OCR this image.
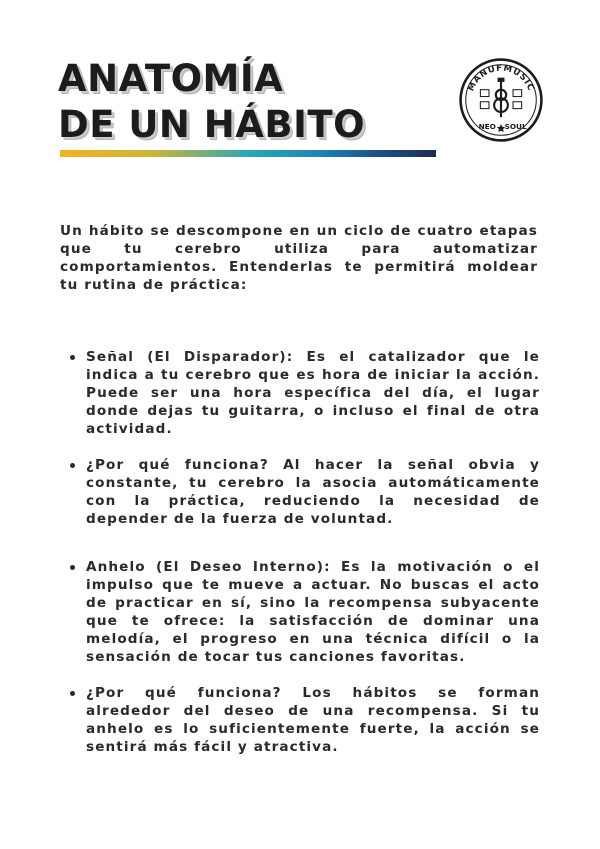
ANATOMÍA
DE UN HÁBITO
MANUFMUSIC
NEO SOUL

Un hábito se descompone en un ciclo de cuatro etapas que tu cerebro utiliza para automatizar comportamientos. Entenderlas te permitirá moldear tu rutina de práctica:

Señal (El Disparador): Es el catalizador que le indica a tu cerebro que es hora de iniciar la acción. Puede ser una hora específica del día, el lugar donde dejas tu guitarra, o incluso el final de otra actividad.
¿Por qué funciona? Al hacer la señal obvia y constante, tu cerebro la asocia automáticamente con la práctica, reduciendo la necesidad de depender de la fuerza de voluntad.
Anhelo (El Deseo Interno): Es la motivación o el impulso que te mueve a actuar. No buscas el acto de practicar en sí, sino la recompensa subyacente que te ofrece: la satisfacción de dominar una melodía, el progreso en una técnica difícil o la sensación de tocar tus canciones favoritas.
¿Por qué funciona? Los hábitos se forman alrededor del deseo de una recompensa. Si tu anhelo es lo suficientemente fuerte, la acción se sentirá más fácil y atractiva.
